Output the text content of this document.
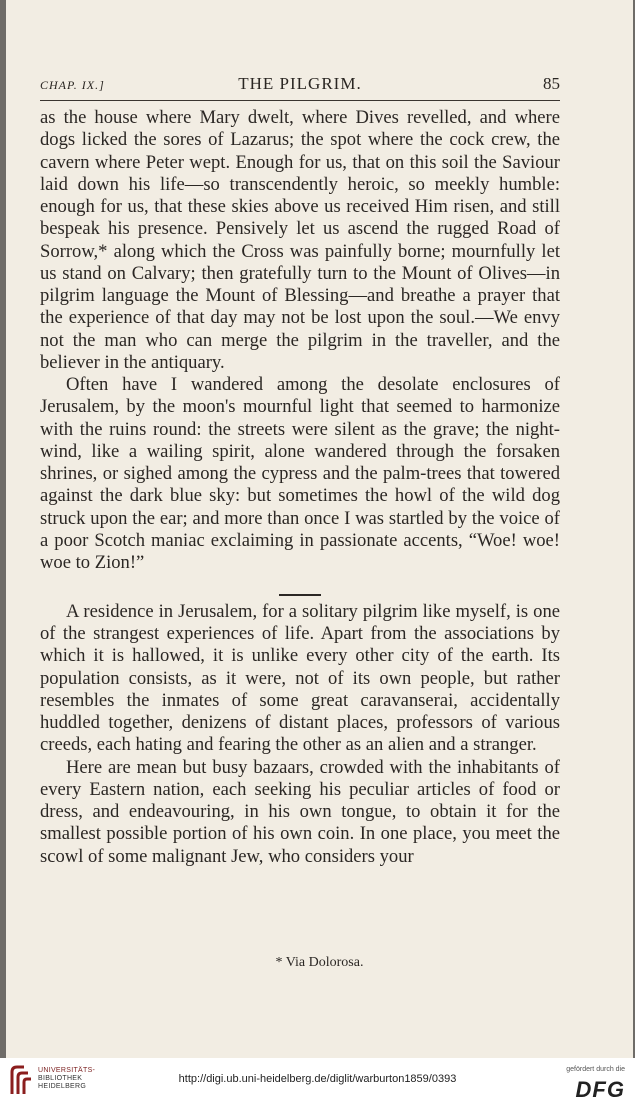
CHAP. IX.]	THE PILGRIM.	85

as the house where Mary dwelt, where Dives revelled, and where dogs licked the sores of Lazarus; the spot where the cock crew, the cavern where Peter wept. Enough for us, that on this soil the Saviour laid down his life—so transcendently heroic, so meekly humble: enough for us, that these skies above us received Him risen, and still bespeak his presence. Pensively let us ascend the rugged Road of Sorrow,* along which the Cross was painfully borne; mournfully let us stand on Calvary; then gratefully turn to the Mount of Olives—in pilgrim language the Mount of Blessing—and breathe a prayer that the experience of that day may not be lost upon the soul.—We envy not the man who can merge the pilgrim in the traveller, and the believer in the antiquary.

Often have I wandered among the desolate enclosures of Jerusalem, by the moon's mournful light that seemed to harmonize with the ruins round: the streets were silent as the grave; the night-wind, like a wailing spirit, alone wandered through the forsaken shrines, or sighed among the cypress and the palm-trees that towered against the dark blue sky: but sometimes the howl of the wild dog struck upon the ear; and more than once I was startled by the voice of a poor Scotch maniac exclaiming in passionate accents, “Woe! woe! woe to Zion!”

A residence in Jerusalem, for a solitary pilgrim like myself, is one of the strangest experiences of life. Apart from the associations by which it is hallowed, it is unlike every other city of the earth. Its population consists, as it were, not of its own people, but rather resembles the inmates of some great caravanserai, accidentally huddled together, denizens of distant places, professors of various creeds, each hating and fearing the other as an alien and a stranger.

Here are mean but busy bazaars, crowded with the inhabitants of every Eastern nation, each seeking his peculiar articles of food or dress, and endeavouring, in his own tongue, to obtain it for the smallest possible portion of his own coin. In one place, you meet the scowl of some malignant Jew, who considers your

* Via Dolorosa.
UNIVERSITÄTS-
BIBLIOTHEK
HEIDELBERG
http://digi.ub.uni-heidelberg.de/diglit/warburton1859/0393
gefördert durch die
DFG
